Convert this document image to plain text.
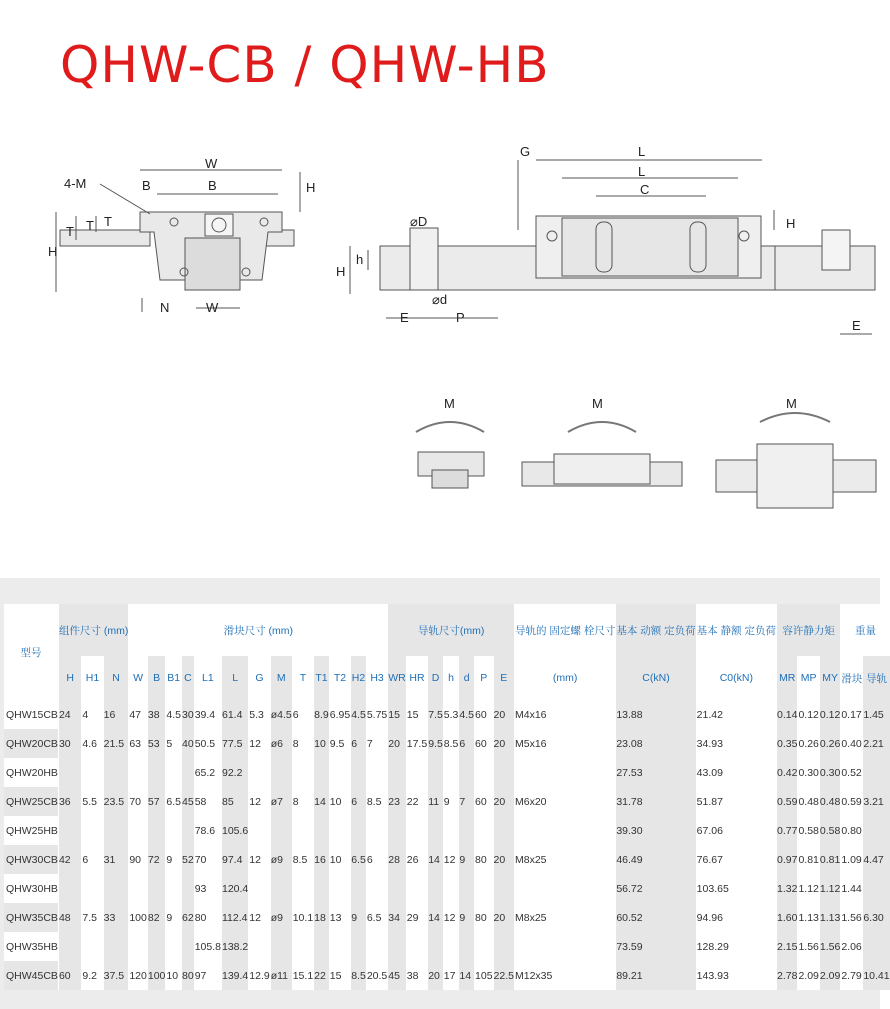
QHW-CB / QHW-HB
W
B
B
4-M
H
T T T
H
N	W
G	L
L
C
⌀D
h
H
⌀d
E	P
E
H
M	M	M
型号	组件尺寸 (mm)			滑块尺寸 (mm)													导轨尺寸(mm)							导轨的 固定螺 栓尺寸	基本 动额 定负荷	基本 静额 定负荷	容许静力矩			重量	
	H	H1	N	W	B	B1	C	L1	L	G	M	T	T1	T2	H2	H3	WR	HR	D	h	d	P	E	(mm)	C(kN)	C0(kN)	MR	MP	MY	滑块	导轨
QHW15CB	24	4	16	47	38	4.5	30	39.4	61.4	5.3	ø4.5	6	8.9	6.95	4.5	5.75	15	15	7.5	5.3	4.5	60	20	M4x16	13.88	21.42	0.14	0.12	0.12	0.17	1.45
QHW20CB	30	4.6	21.5	63	53	5	40	50.5	77.5	12	ø6	8	10	9.5	6	7	20	17.5	9.5	8.5	6	60	20	M5x16	23.08	34.93	0.35	0.26	0.26	0.40	2.21
QHW20HB								65.2	92.2																27.53	43.09	0.42	0.30	0.30	0.52	
QHW25CB	36	5.5	23.5	70	57	6.5	45	58	85	12	ø7	8	14	10	6	8.5	23	22	11	9	7	60	20	M6x20	31.78	51.87	0.59	0.48	0.48	0.59	3.21
QHW25HB								78.6	105.6																39.30	67.06	0.77	0.58	0.58	0.80	
QHW30CB	42	6	31	90	72	9	52	70	97.4	12	ø9	8.5	16	10	6.5	6	28	26	14	12	9	80	20	M8x25	46.49	76.67	0.97	0.81	0.81	1.09	4.47
QHW30HB								93	120.4																56.72	103.65	1.32	1.12	1.12	1.44	
QHW35CB	48	7.5	33	100	82	9	62	80	112.4	12	ø9	10.1	18	13	9	6.5	34	29	14	12	9	80	20	M8x25	60.52	94.96	1.60	1.13	1.13	1.56	6.30
QHW35HB								105.8	138.2																73.59	128.29	2.15	1.56	1.56	2.06	
QHW45CB	60	9.2	37.5	120	100	10	80	97	139.4	12.9	ø11	15.1	22	15	8.5	20.5	45	38	20	17	14	105	22.5	M12x35	89.21	143.93	2.78	2.09	2.09	2.79	10.41
